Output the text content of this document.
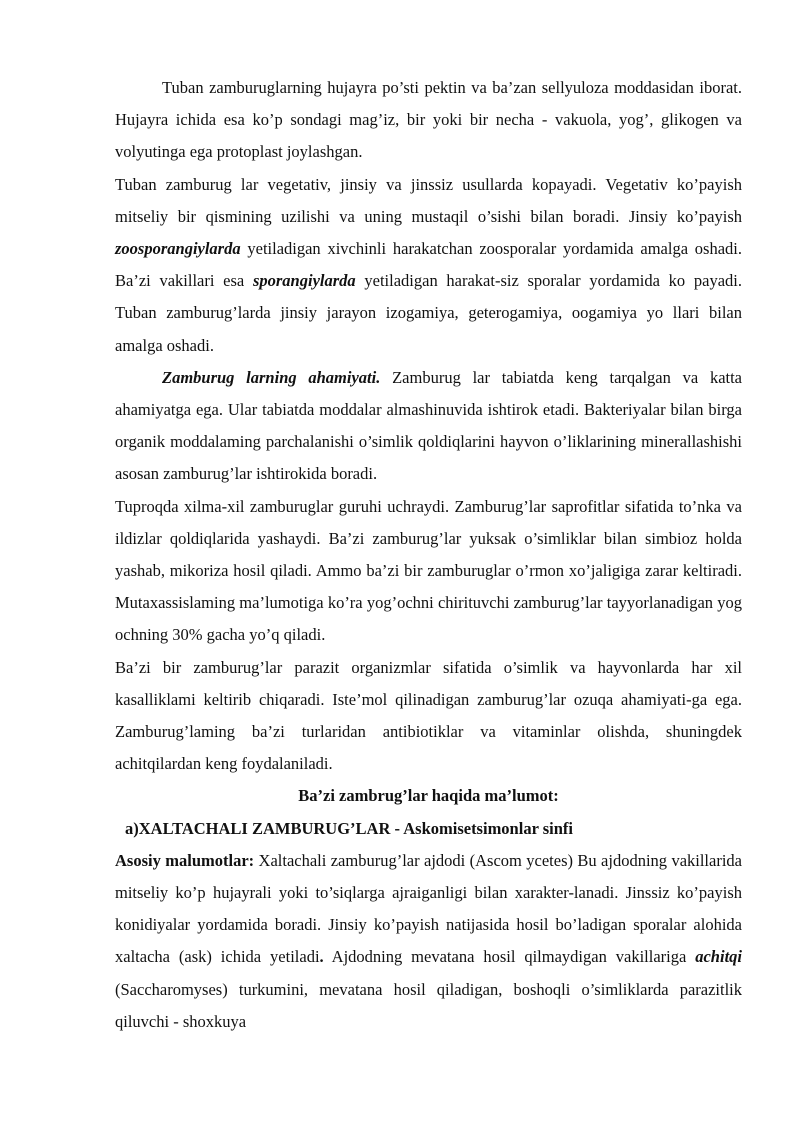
Tuban zamburuglarning hujayra po’sti pektin va ba’zan sellyuloza moddasidan iborat. Hujayra ichida esa ko’p sondagi mag’iz, bir yoki bir necha - vakuola, yog’, glikogen va volyutinga ega protoplast joylashgan.

Tuban zamburug lar vegetativ, jinsiy va jinssiz usullarda kopayadi. Vegetativ ko’payish mitseliy bir qismining uzilishi va uning mustaqil o’sishi bilan boradi. Jinsiy ko’payish zoosporangiylarda yetiladigan xivchinli harakatchan zoosporalar yordamida amalga oshadi. Ba’zi vakillari esa sporangiylarda yetiladigan harakat-siz sporalar yordamida ko payadi. Tuban zamburug’larda jinsiy jarayon izogamiya, geterogamiya, oogamiya yo llari bilan amalga oshadi.

Zamburug larning ahamiyati. Zamburug lar tabiatda keng tarqalgan va katta ahamiyatga ega. Ular tabiatda moddalar almashinuvida ishtirok etadi. Bakteriyalar bilan birga organik moddalaming parchalanishi o’simlik qoldiqlarini hayvon o’liklarining minerallashishi asosan zamburug’lar ishtirokida boradi.

Tuproqda xilma-xil zamburuglar guruhi uchraydi. Zamburug’lar saprofitlar sifatida to’nka va ildizlar qoldiqlarida yashaydi. Ba’zi zamburug’lar yuksak o’simliklar bilan simbioz holda yashab, mikoriza hosil qiladi. Ammo ba’zi bir zamburuglar o’rmon xo’jaligiga zarar keltiradi. Mutaxassislaming ma’lumotiga ko’ra yog’ochni chirituvchi zamburug’lar tayyorlanadigan yog ochning 30% gacha yo’q qiladi.

Ba’zi bir zamburug’lar parazit organizmlar sifatida o’simlik va hayvonlarda har xil kasalliklami keltirib chiqaradi. Iste’mol qilinadigan zamburug’lar ozuqa ahamiyati-ga ega. Zamburug’laming ba’zi turlaridan antibiotiklar va vitaminlar olishda, shuningdek achitqilardan keng foydalaniladi.

Ba’zi zambrug’lar haqida ma’lumot:

a)XALTACHALI ZAMBURUG’LAR - Askomisetsimonlar sinfi

Asosiy malumotlar: Xaltachali zamburug’lar ajdodi (Ascom ycetes) Bu ajdodning vakillarida mitseliy ko’p hujayrali yoki to’siqlarga ajraiganligi bilan xarakter-lanadi. Jinssiz ko’payish konidiyalar yordamida boradi. Jinsiy ko’payish natijasida hosil bo’ladigan sporalar alohida xaltacha (ask) ichida yetiladi. Ajdodning mevatana hosil qilmaydigan vakillariga achitqi (Saccharomyses) turkumini, mevatana hosil qiladigan, boshoqli o’simliklarda parazitlik qiluvchi - shoxkuya
